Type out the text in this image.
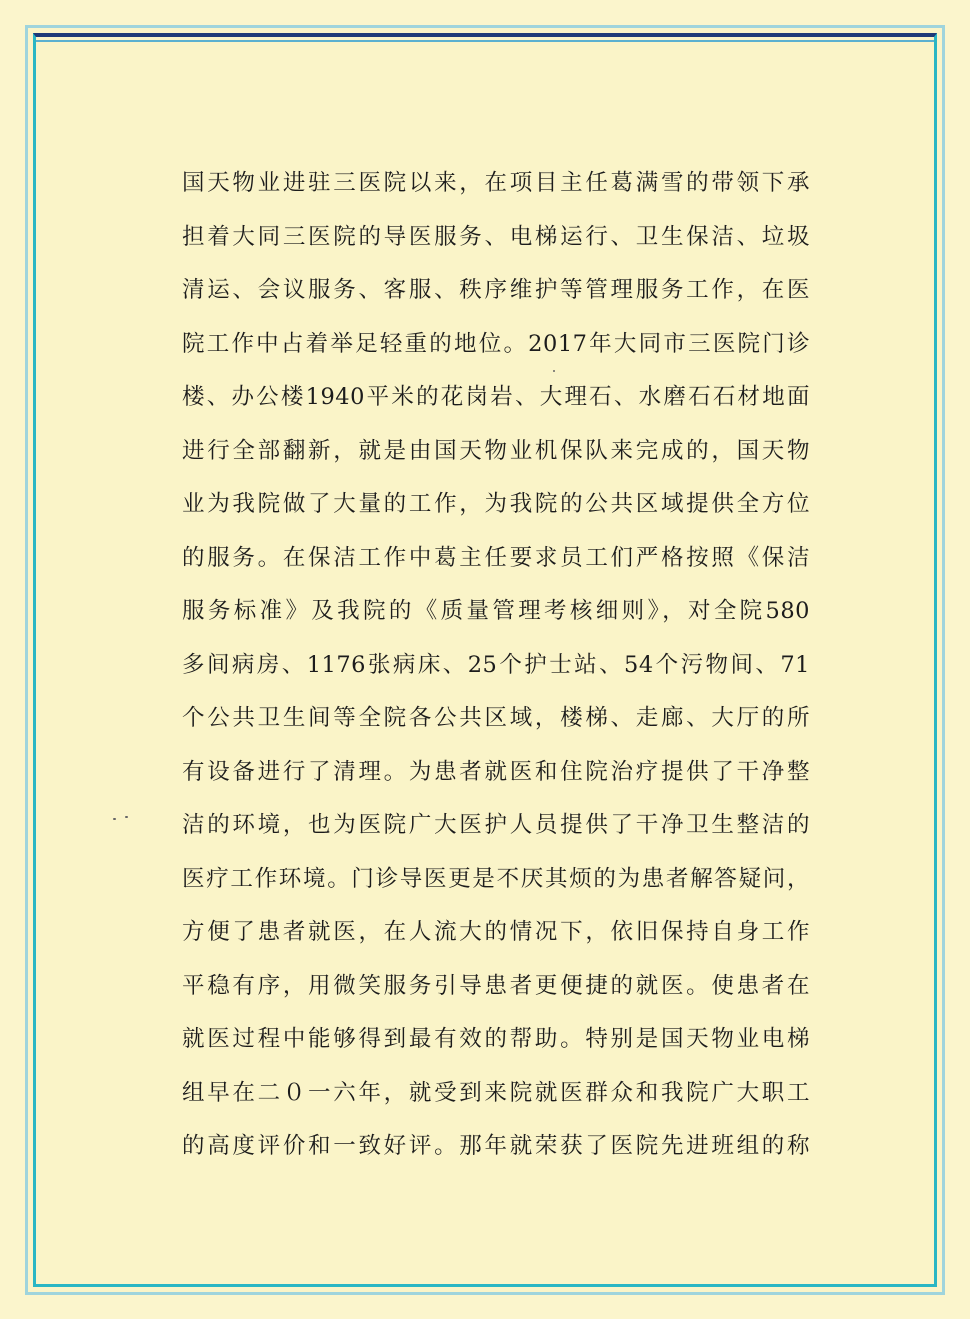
国天物业进驻三医院以来，在项目主任葛满雪的带领下承
担着大同三医院的导医服务、电梯运行、卫生保洁、垃圾
清运、会议服务、客服、秩序维护等管理服务工作，在医
院工作中占着举足轻重的地位。2017年大同市三医院门诊
楼、办公楼1940平米的花岗岩、大理石、水磨石石材地面
进行全部翻新，就是由国天物业机保队来完成的，国天物
业为我院做了大量的工作，为我院的公共区域提供全方位
的服务。在保洁工作中葛主任要求员工们严格按照《保洁
服务标准》及我院的《质量管理考核细则》，对全院580
多间病房、1176张病床、25个护士站、54个污物间、71
个公共卫生间等全院各公共区域，楼梯、走廊、大厅的所
有设备进行了清理。为患者就医和住院治疗提供了干净整
洁的环境，也为医院广大医护人员提供了干净卫生整洁的
医疗工作环境。门诊导医更是不厌其烦的为患者解答疑问，
方便了患者就医，在人流大的情况下，依旧保持自身工作
平稳有序，用微笑服务引导患者更便捷的就医。使患者在
就医过程中能够得到最有效的帮助。特别是国天物业电梯
组早在二０一六年，就受到来院就医群众和我院广大职工
的高度评价和一致好评。那年就荣获了医院先进班组的称
